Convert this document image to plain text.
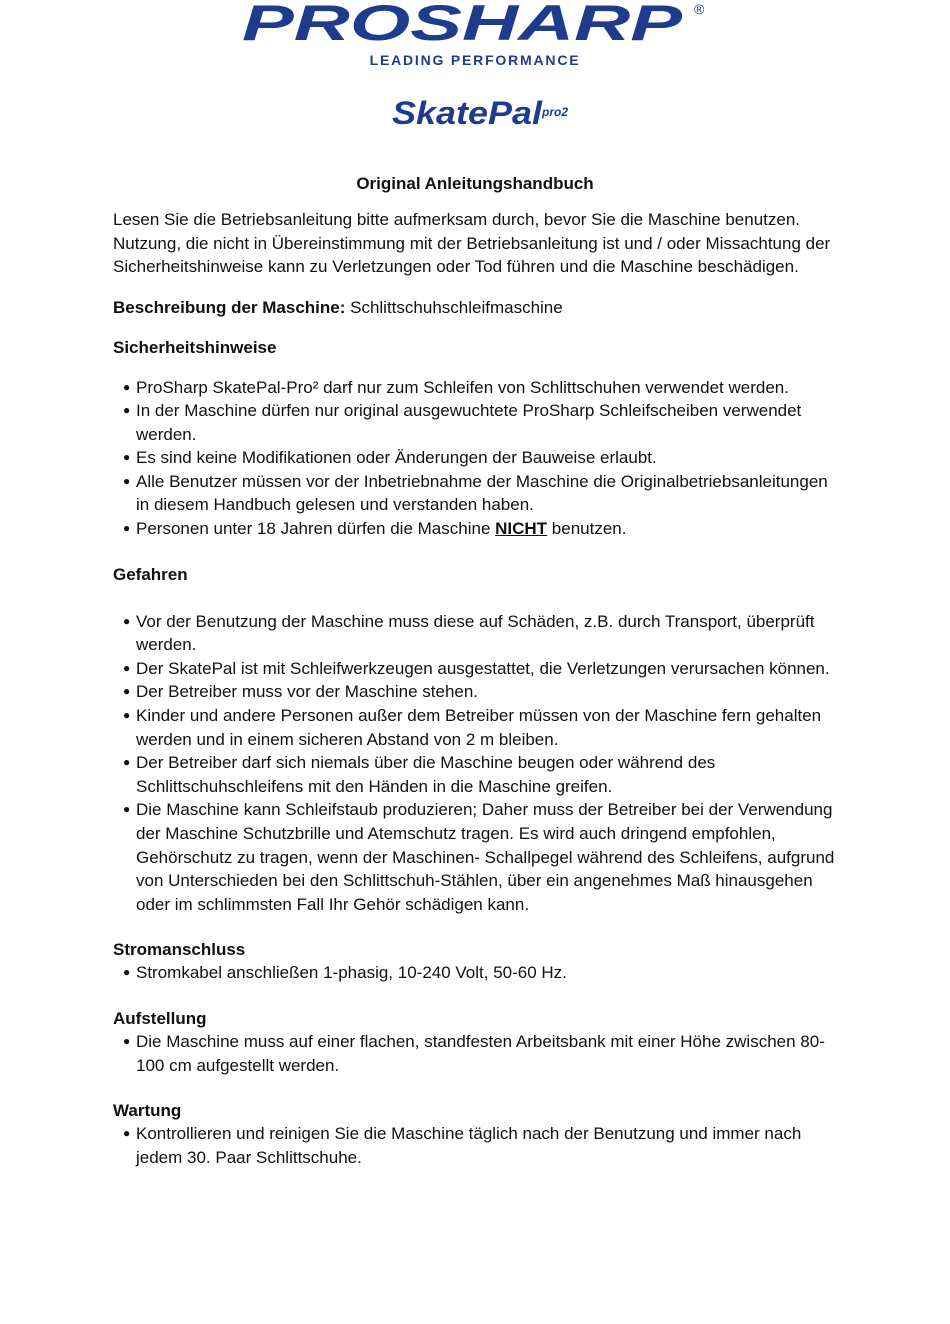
PROSHARP ®
LEADING PERFORMANCE
SkatePal
pro2
Original Anleitungshandbuch

Lesen Sie die Betriebsanleitung bitte aufmerksam durch, bevor Sie die Maschine benutzen. Nutzung, die nicht in Übereinstimmung mit der Betriebsanleitung ist und / oder Missachtung der Sicherheitshinweise kann zu Verletzungen oder Tod führen und die Maschine beschädigen.

Beschreibung der Maschine: Schlittschuhschleifmaschine

Sicherheitshinweise
● ProSharp SkatePal-Pro² darf nur zum Schleifen von Schlittschuhen verwendet werden.
● In der Maschine dürfen nur original ausgewuchtete ProSharp Schleifscheiben verwendet werden.
● Es sind keine Modifikationen oder Änderungen der Bauweise erlaubt.
● Alle Benutzer müssen vor der Inbetriebnahme der Maschine die Originalbetriebsanleitungen in diesem Handbuch gelesen und verstanden haben.
● Personen unter 18 Jahren dürfen die Maschine NICHT benutzen.
Gefahren
● Vor der Benutzung der Maschine muss diese auf Schäden, z.B. durch Transport, überprüft werden.
● Der SkatePal ist mit Schleifwerkzeugen ausgestattet, die Verletzungen verursachen können.
● Der Betreiber muss vor der Maschine stehen.
● Kinder und andere Personen außer dem Betreiber müssen von der Maschine fern gehalten werden und in einem sicheren Abstand von 2 m bleiben.
● Der Betreiber darf sich niemals über die Maschine beugen oder während des Schlittschuhschleifens mit den Händen in die Maschine greifen.
● Die Maschine kann Schleifstaub produzieren; Daher muss der Betreiber bei der Verwendung der Maschine Schutzbrille und Atemschutz tragen. Es wird auch dringend empfohlen, Gehörschutz zu tragen, wenn der Maschinen- Schallpegel während des Schleifens, aufgrund von Unterschieden bei den Schlittschuh-Stählen, über ein angenehmes Maß hinausgehen oder im schlimmsten Fall Ihr Gehör schädigen kann.
Stromanschluss
● Stromkabel anschließen 1-phasig, 10-240 Volt, 50-60 Hz.
Aufstellung
● Die Maschine muss auf einer flachen, standfesten Arbeitsbank mit einer Höhe zwischen 80-100 cm aufgestellt werden.
Wartung
● Kontrollieren und reinigen Sie die Maschine täglich nach der Benutzung und immer nach jedem 30. Paar Schlittschuhe.
